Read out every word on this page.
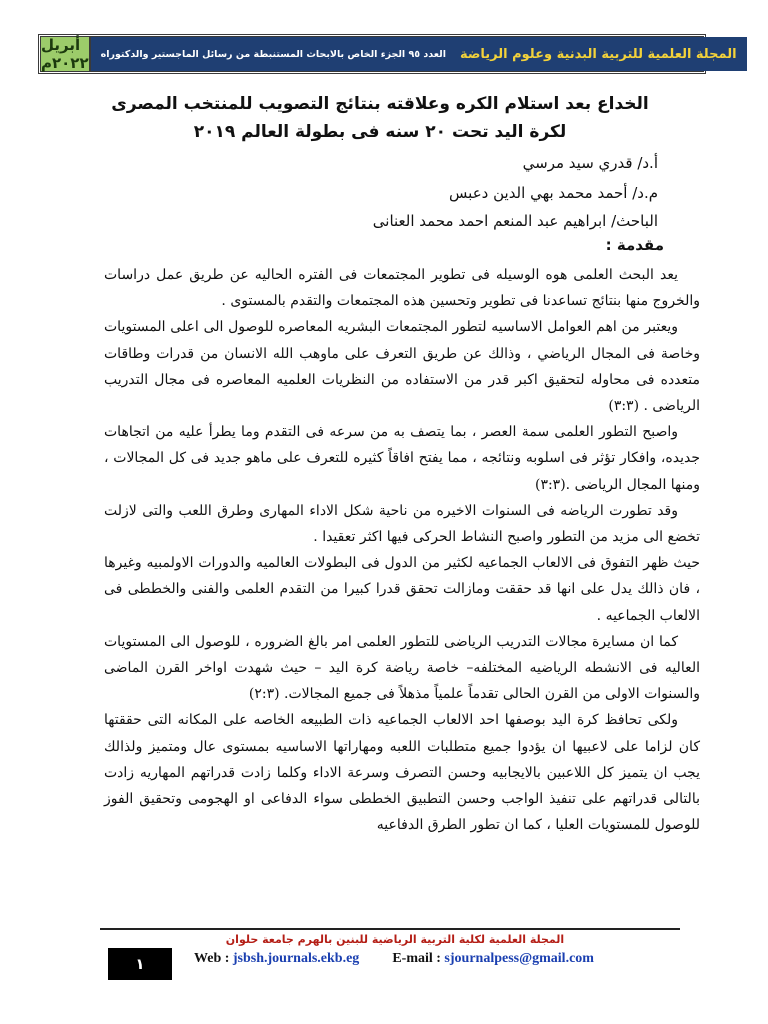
أبريل ٢٠٢٢م	المجلة العلمية للتربية البدنية وعلوم الرياضة
العدد ٩٥ الجزء الخاص بالابحاث المستنبطة من رسائل الماجستير والدكتوراه
الخداع بعد استلام الكره وعلاقته بنتائج التصويب للمنتخب المصرى
لكرة اليد تحت ٢٠ سنه فى بطولة العالم ٢٠١٩
أ.د/ قدري سيد مرسي
م.د/ أحمد محمد بهي الدين دعبس
الباحث/ ابراهيم عبد المنعم احمد محمد العنانى
مقدمة :

يعد البحث العلمى هوه الوسيله فى تطوير المجتمعات فى الفتره الحاليه عن طريق عمل دراسات والخروج منها بنتائج تساعدنا فى تطوير وتحسين هذه المجتمعات والتقدم بالمستوى .

ويعتبر من اهم العوامل الاساسيه لتطور المجتمعات البشريه المعاصره للوصول الى اعلى المستويات وخاصة فى المجال الرياضي ، وذالك عن طريق التعرف على ماوهب الله الانسان من قدرات وطاقات متعدده فى محاوله لتحقيق اكبر قدر من الاستفاده من النظريات العلميه المعاصره فى مجال التدريب الرياضى . (٣:٣)

واصبح التطور العلمى سمة العصر ، بما يتصف به من سرعه فى التقدم وما يطرأ عليه من اتجاهات جديده، وافكار تؤثر فى اسلوبه ونتائجه ، مما يفتح افاقاً كثيره للتعرف على ماهو جديد فى كل المجالات ، ومنها المجال الرياضى .(٣:٣)

وقد تطورت الرياضه فى السنوات الاخيره من ناحية شكل الاداء المهارى وطرق اللعب والتى لازلت تخضع الى مزيد من التطور واصبح النشاط الحركى فيها اكثر تعقيدا .

حيث ظهر التفوق فى الالعاب الجماعيه لكثير من الدول فى البطولات العالميه والدورات الاولمبيه وغيرها ، فان ذالك يدل على انها قد حققت ومازالت تحقق قدرا كبيرا من التقدم العلمى والفنى والخططى فى الالعاب الجماعيه .

كما ان مسايرة مجالات التدريب الرياضى للتطور العلمى امر بالغ الضروره ، للوصول الى المستويات العاليه فى الانشطه الرياضيه المختلفه– خاصة رياضة كرة اليد – حيث شهدت اواخر القرن الماضى والسنوات الاولى من القرن الحالى تقدماً علمياً مذهلاً فى جميع المجالات. (٢:٣)

ولكى تحافظ كرة اليد بوصفها احد الالعاب الجماعيه ذات الطبيعه الخاصه على المكانه التى حققتها كان لزاما على لاعبيها ان يؤدوا جميع متطلبات اللعبه ومهاراتها الاساسيه بمستوى عال ومتميز ولذالك يجب ان يتميز كل اللاعبين بالايجابيه وحسن التصرف وسرعة الاداء وكلما زادت قدراتهم المهاريه زادت بالتالى قدراتهم على تنفيذ الواجب وحسن التطبيق الخططى سواء الدفاعى او الهجومى وتحقيق الفوز للوصول للمستويات العليا ، كما ان تطور الطرق الدفاعيه

المجلة العلمية لكلية التربية الرياضية للبنين بالهرم جامعة حلوان
١	Web : jsbsh.journals.ekb.eg E-mail : sjournalpess@gmail.com
